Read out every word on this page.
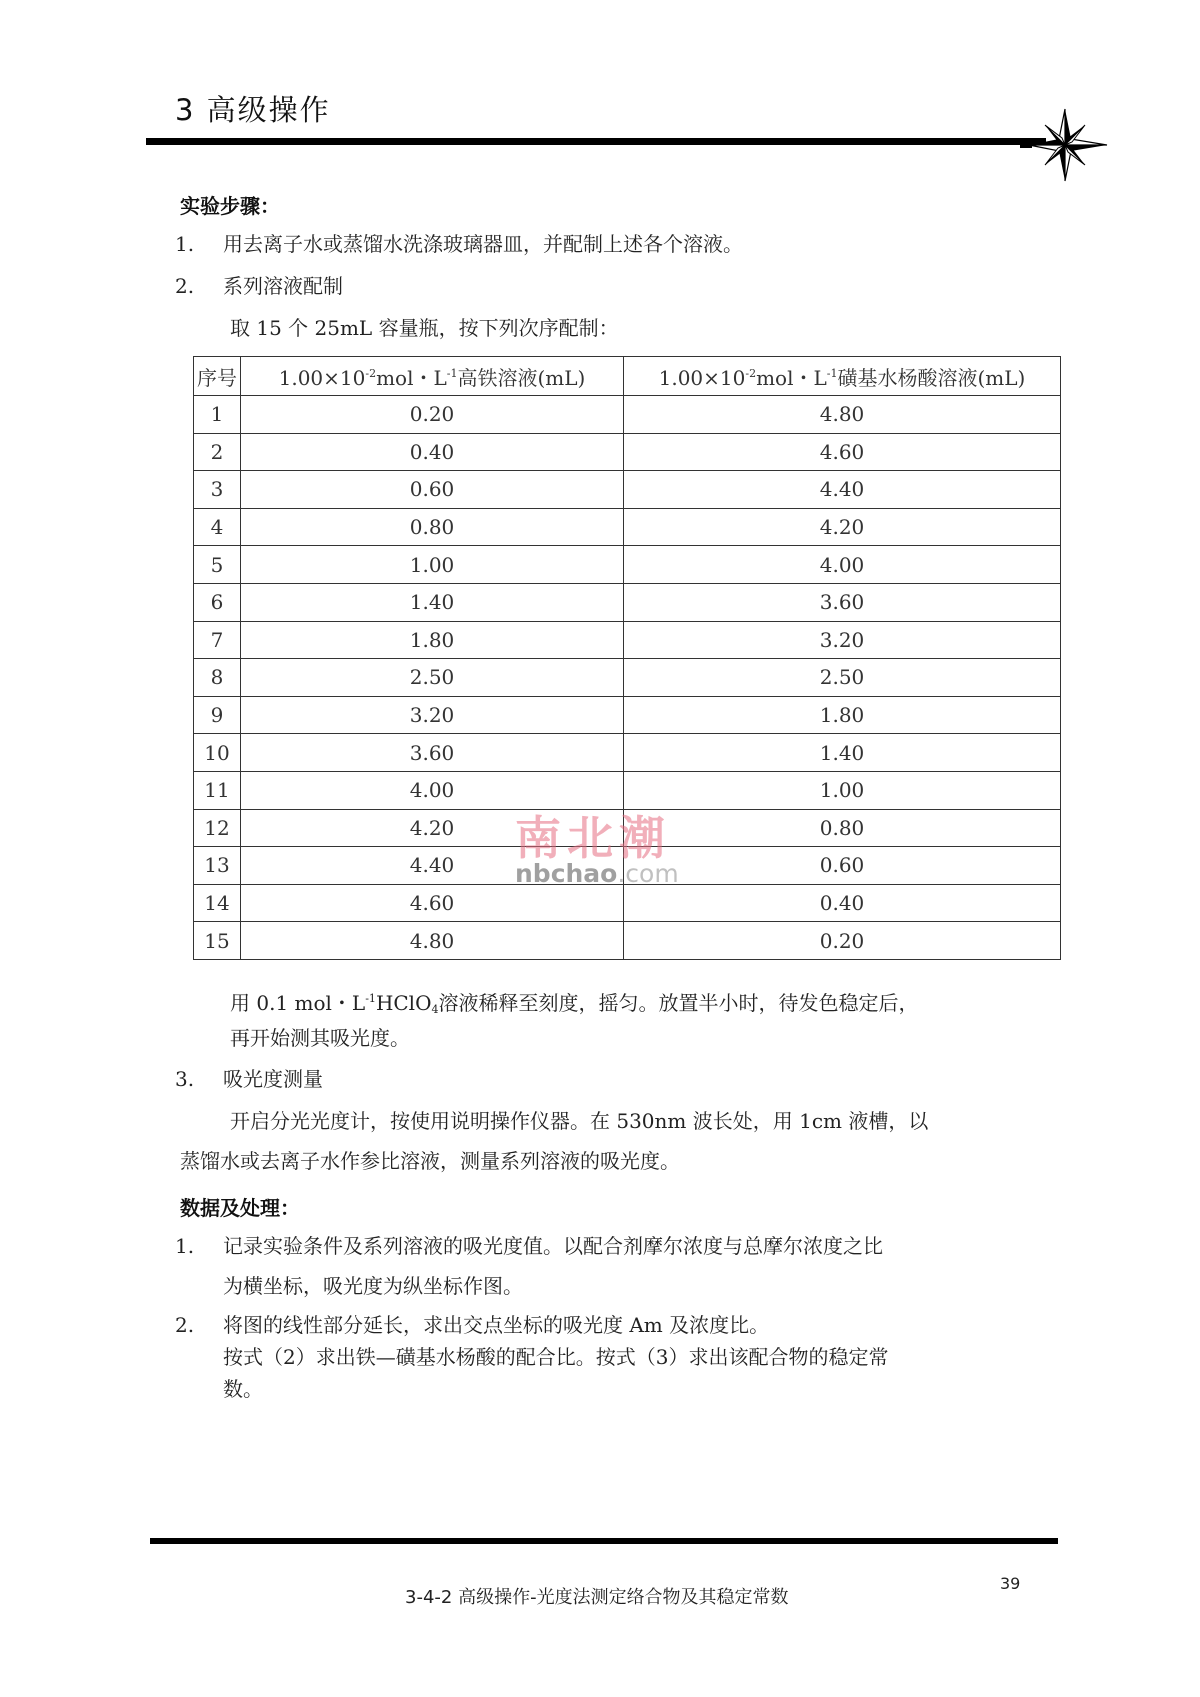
3 高级操作
实验步骤：
1. 用去离子水或蒸馏水洗涤玻璃器皿，并配制上述各个溶液。
2. 系列溶液配制
取 15 个 25mL 容量瓶，按下列次序配制：
序号	$1.00\times 10^{-2}mol$・$L^{-1}$高铁溶液(mL)	$1.00\times 10^{-2}mol$・$L^{-1}$磺基水杨酸溶液(mL)
1	0.20	4.80
2	0.40	4.60
3	0.60	4.40
4	0.80	4.20
5	1.00	4.00
6	1.40	3.60
7	1.80	3.20
8	2.50	2.50
9	3.20	1.80
10	3.60	1.40
11	4.00	1.00
12	4.20	0.80
13	4.40	0.60
14	4.60	0.40
15	4.80	0.20
南北潮
nbchao.com
用 0.1 mol・$L^{-1}HClO_4$溶液稀释至刻度，摇匀。放置半小时，待发色稳定后，
再开始测其吸光度。
3. 吸光度测量
开启分光光度计，按使用说明操作仪器。在 530nm 波长处，用 1cm 液槽，以
蒸馏水或去离子水作参比溶液，测量系列溶液的吸光度。
数据及处理：
1. 记录实验条件及系列溶液的吸光度值。以配合剂摩尔浓度与总摩尔浓度之比
为横坐标，吸光度为纵坐标作图。
2. 将图的线性部分延长，求出交点坐标的吸光度 Am 及浓度比。
按式（2）求出铁—磺基水杨酸的配合比。按式（3）求出该配合物的稳定常
数。
3-4-2 高级操作-光度法测定络合物及其稳定常数
39
